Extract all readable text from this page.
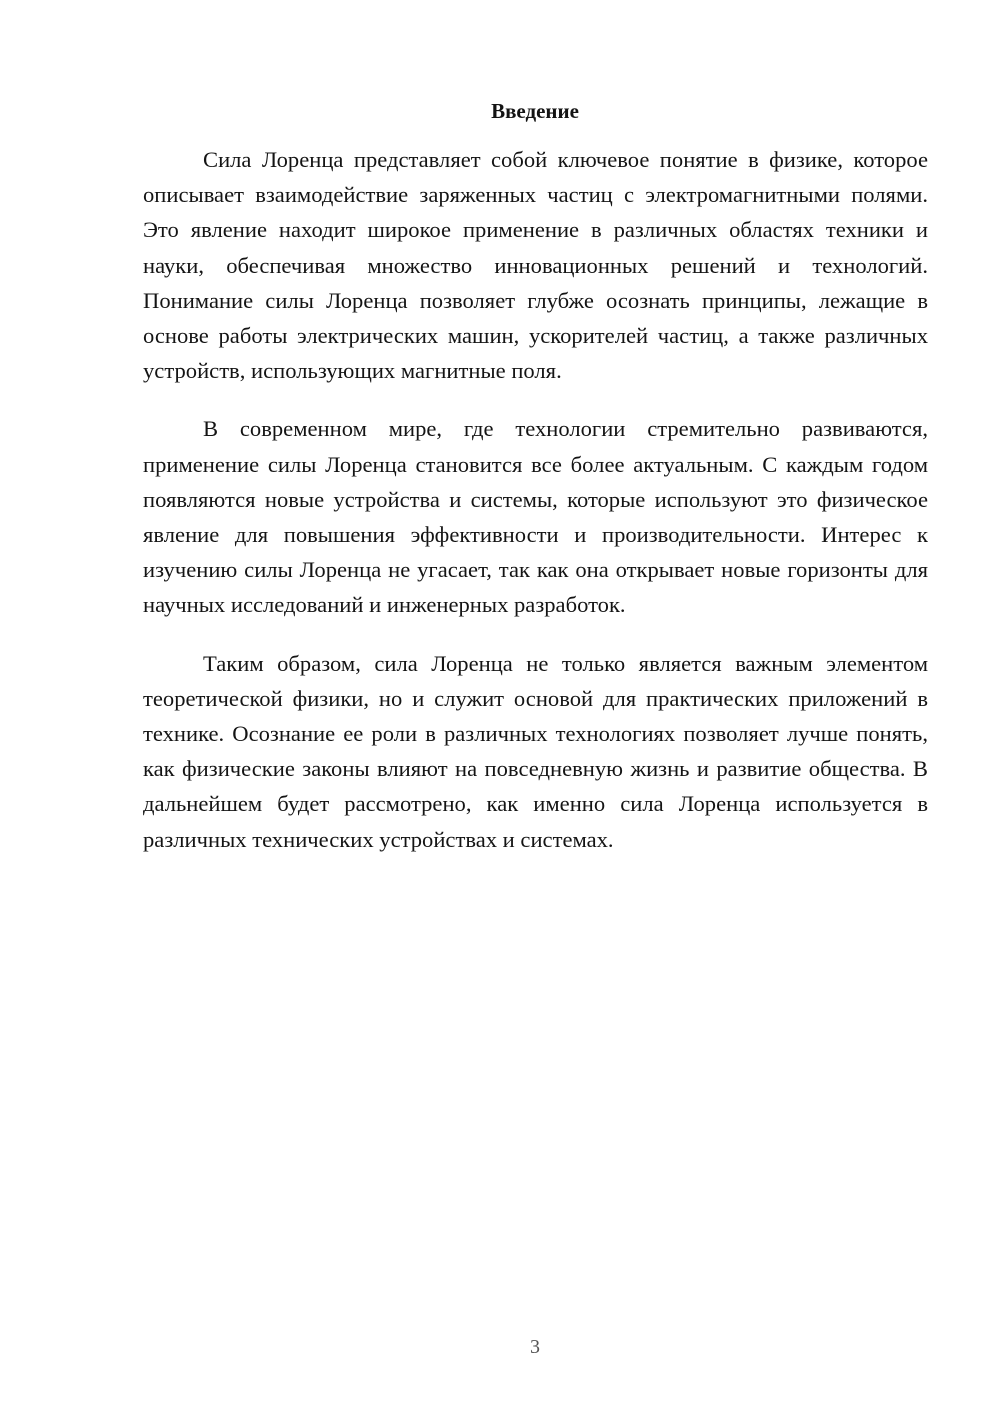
Введение

Сила Лоренца представляет собой ключевое понятие в физике, которое описывает взаимодействие заряженных частиц с электромагнитными полями. Это явление находит широкое применение в различных областях техники и науки, обеспечивая множество инновационных решений и технологий. Понимание силы Лоренца позволяет глубже осознать принципы, лежащие в основе работы электрических машин, ускорителей частиц, а также различных устройств, использующих магнитные поля.

В современном мире, где технологии стремительно развиваются, применение силы Лоренца становится все более актуальным. С каждым годом появляются новые устройства и системы, которые используют это физическое явление для повышения эффективности и производительности. Интерес к изучению силы Лоренца не угасает, так как она открывает новые горизонты для научных исследований и инженерных разработок.

Таким образом, сила Лоренца не только является важным элементом теоретической физики, но и служит основой для практических приложений в технике. Осознание ее роли в различных технологиях позволяет лучше понять, как физические законы влияют на повседневную жизнь и развитие общества. В дальнейшем будет рассмотрено, как именно сила Лоренца используется в различных технических устройствах и системах.

3
